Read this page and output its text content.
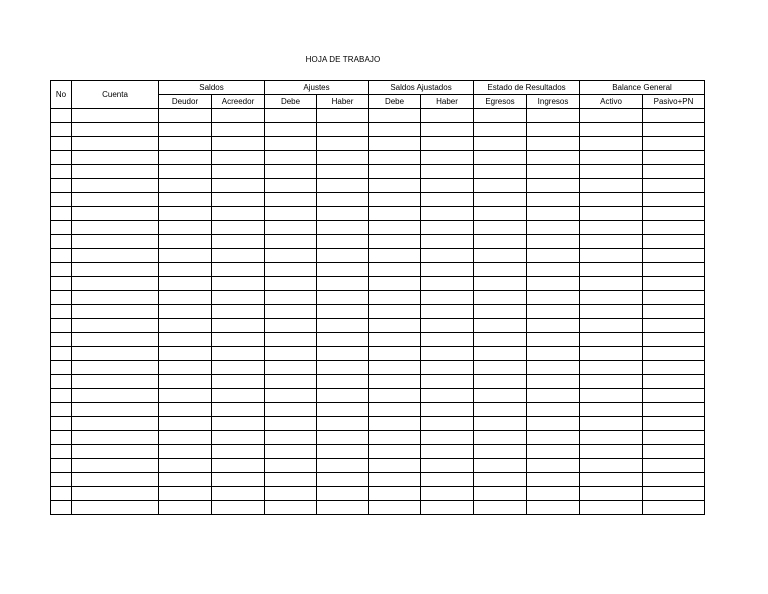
HOJA DE TRABAJO
No	Cuenta	Saldos		Ajustes		Saldos Ajustados		Estado de Resultados		Balance General	
		Deudor	Acreedor	Debe	Haber	Debe	Haber	Egresos	Ingresos	Activo	Pasivo+PN
